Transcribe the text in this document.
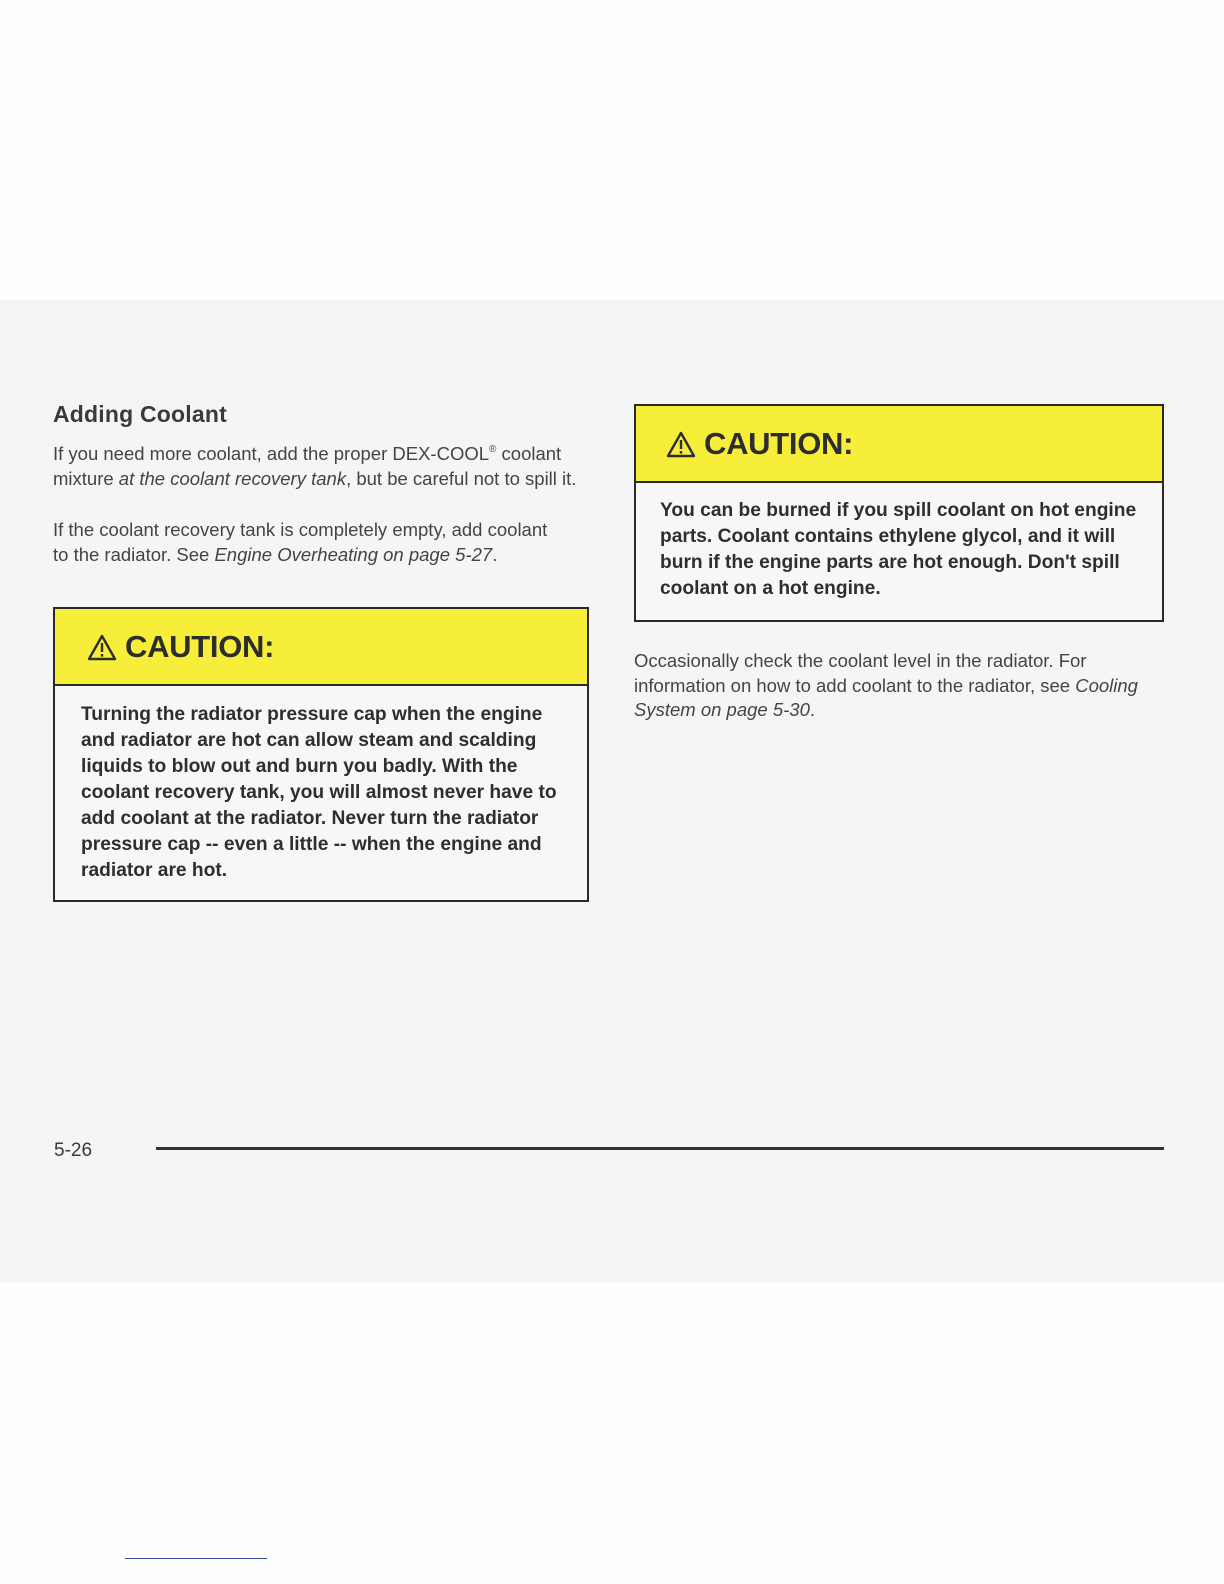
Adding Coolant

If you need more coolant, add the proper DEX-COOL® coolant mixture at the coolant recovery tank, but be careful not to spill it.

If the coolant recovery tank is completely empty, add coolant to the radiator. See Engine Overheating on page 5-27.

CAUTION:

Turning the radiator pressure cap when the engine and radiator are hot can allow steam and scalding liquids to blow out and burn you badly. With the coolant recovery tank, you will almost never have to add coolant at the radiator. Never turn the radiator pressure cap -- even a little -- when the engine and radiator are hot.

CAUTION:

You can be burned if you spill coolant on hot engine parts. Coolant contains ethylene glycol, and it will burn if the engine parts are hot enough. Don't spill coolant on a hot engine.

Occasionally check the coolant level in the radiator. For information on how to add coolant to the radiator, see Cooling System on page 5-30.

5-26
